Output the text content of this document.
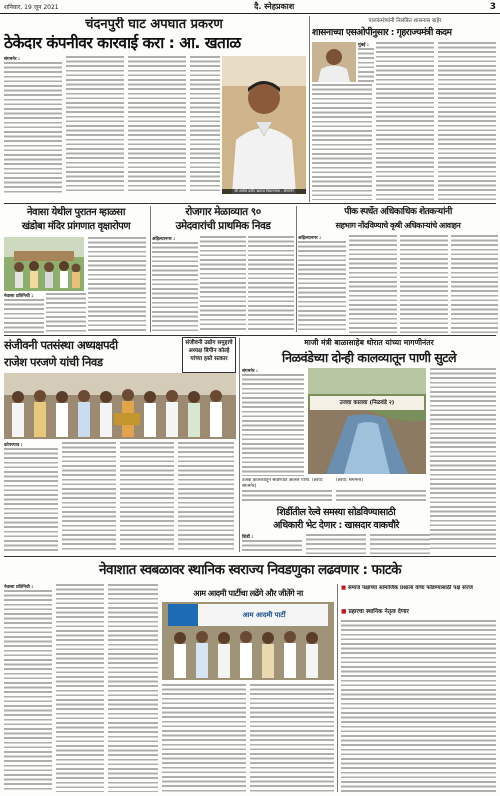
शनिवार, 19 जून 2021	दै. स्नेहप्रकाश	3
चंदनपुरी घाट अपघात प्रकरण
ठेकेदार कंपनीवर कारवाई करा : आ. खताळ
संगमनेर :
श्री अमोल प्रदीप खताळ विधानसभा - संगमनेर
पालकमंत्र्यांनी निलंबित शासनास बाहेर
शासनाच्या एसओपीनुसार : गृहराज्यमंत्री कदम
मुंबई :
नेवासा येथील पुरातन म्हाळसा
खंडोबा मंदिर प्रांगणात वृक्षारोपण
नेवासा प्रतिनिधी :
रोजगार मेळाव्यात ९०
उमेदवारांची प्राथमिक निवड
अहिल्यानगर :
पीक स्पर्धेत अधिकाधिक शेतकऱ्यांनी
सहभाग नोंदविण्याचे कृषी अधिकाऱ्यांचे आवाहन
अहिल्यानगर :
संजीवनी पतसंस्था अध्यक्षपदी
राजेश परजणे यांची निवड
संजीवनी उद्योग समुहाचे अध्यक्ष बिपीन कोल्हे यांच्या हस्ते सत्कार
कोपरगाव :
माजी मंत्री बाळासाहेब थोरात यांच्या मागणीनंतर
निळवंडेच्या दोन्ही कालव्यातून पाणी सुटले
संगमनेर :
उजवा कालवा (निळवंडे २)
उजवा कालव्यातून सोडण्यात आलेले पाणी. (छाया: संगमनेर)
(छाया: संगमनेर)
शिर्डीतील रेल्वे समस्या सोडविण्यासाठी
अधिकारी भेट देणार : खासदार वाकचौरे
शिर्डी :
नेवाशात स्वबळावर स्थानिक स्वराज्य निवडणुका लढवणार : फाटके
नेवासा प्रतिनिधी :
आम आदमी पार्टीचा लढेंगे और जीतेंगे ना
आम आदमी पार्टी
■ समाज पक्षाच्या सामाजिक प्रश्नाला वाचा फोडण्यासाठी पक्ष सज्ज
■ प्रहारचा स्थानिक नेतृत्व देणार
